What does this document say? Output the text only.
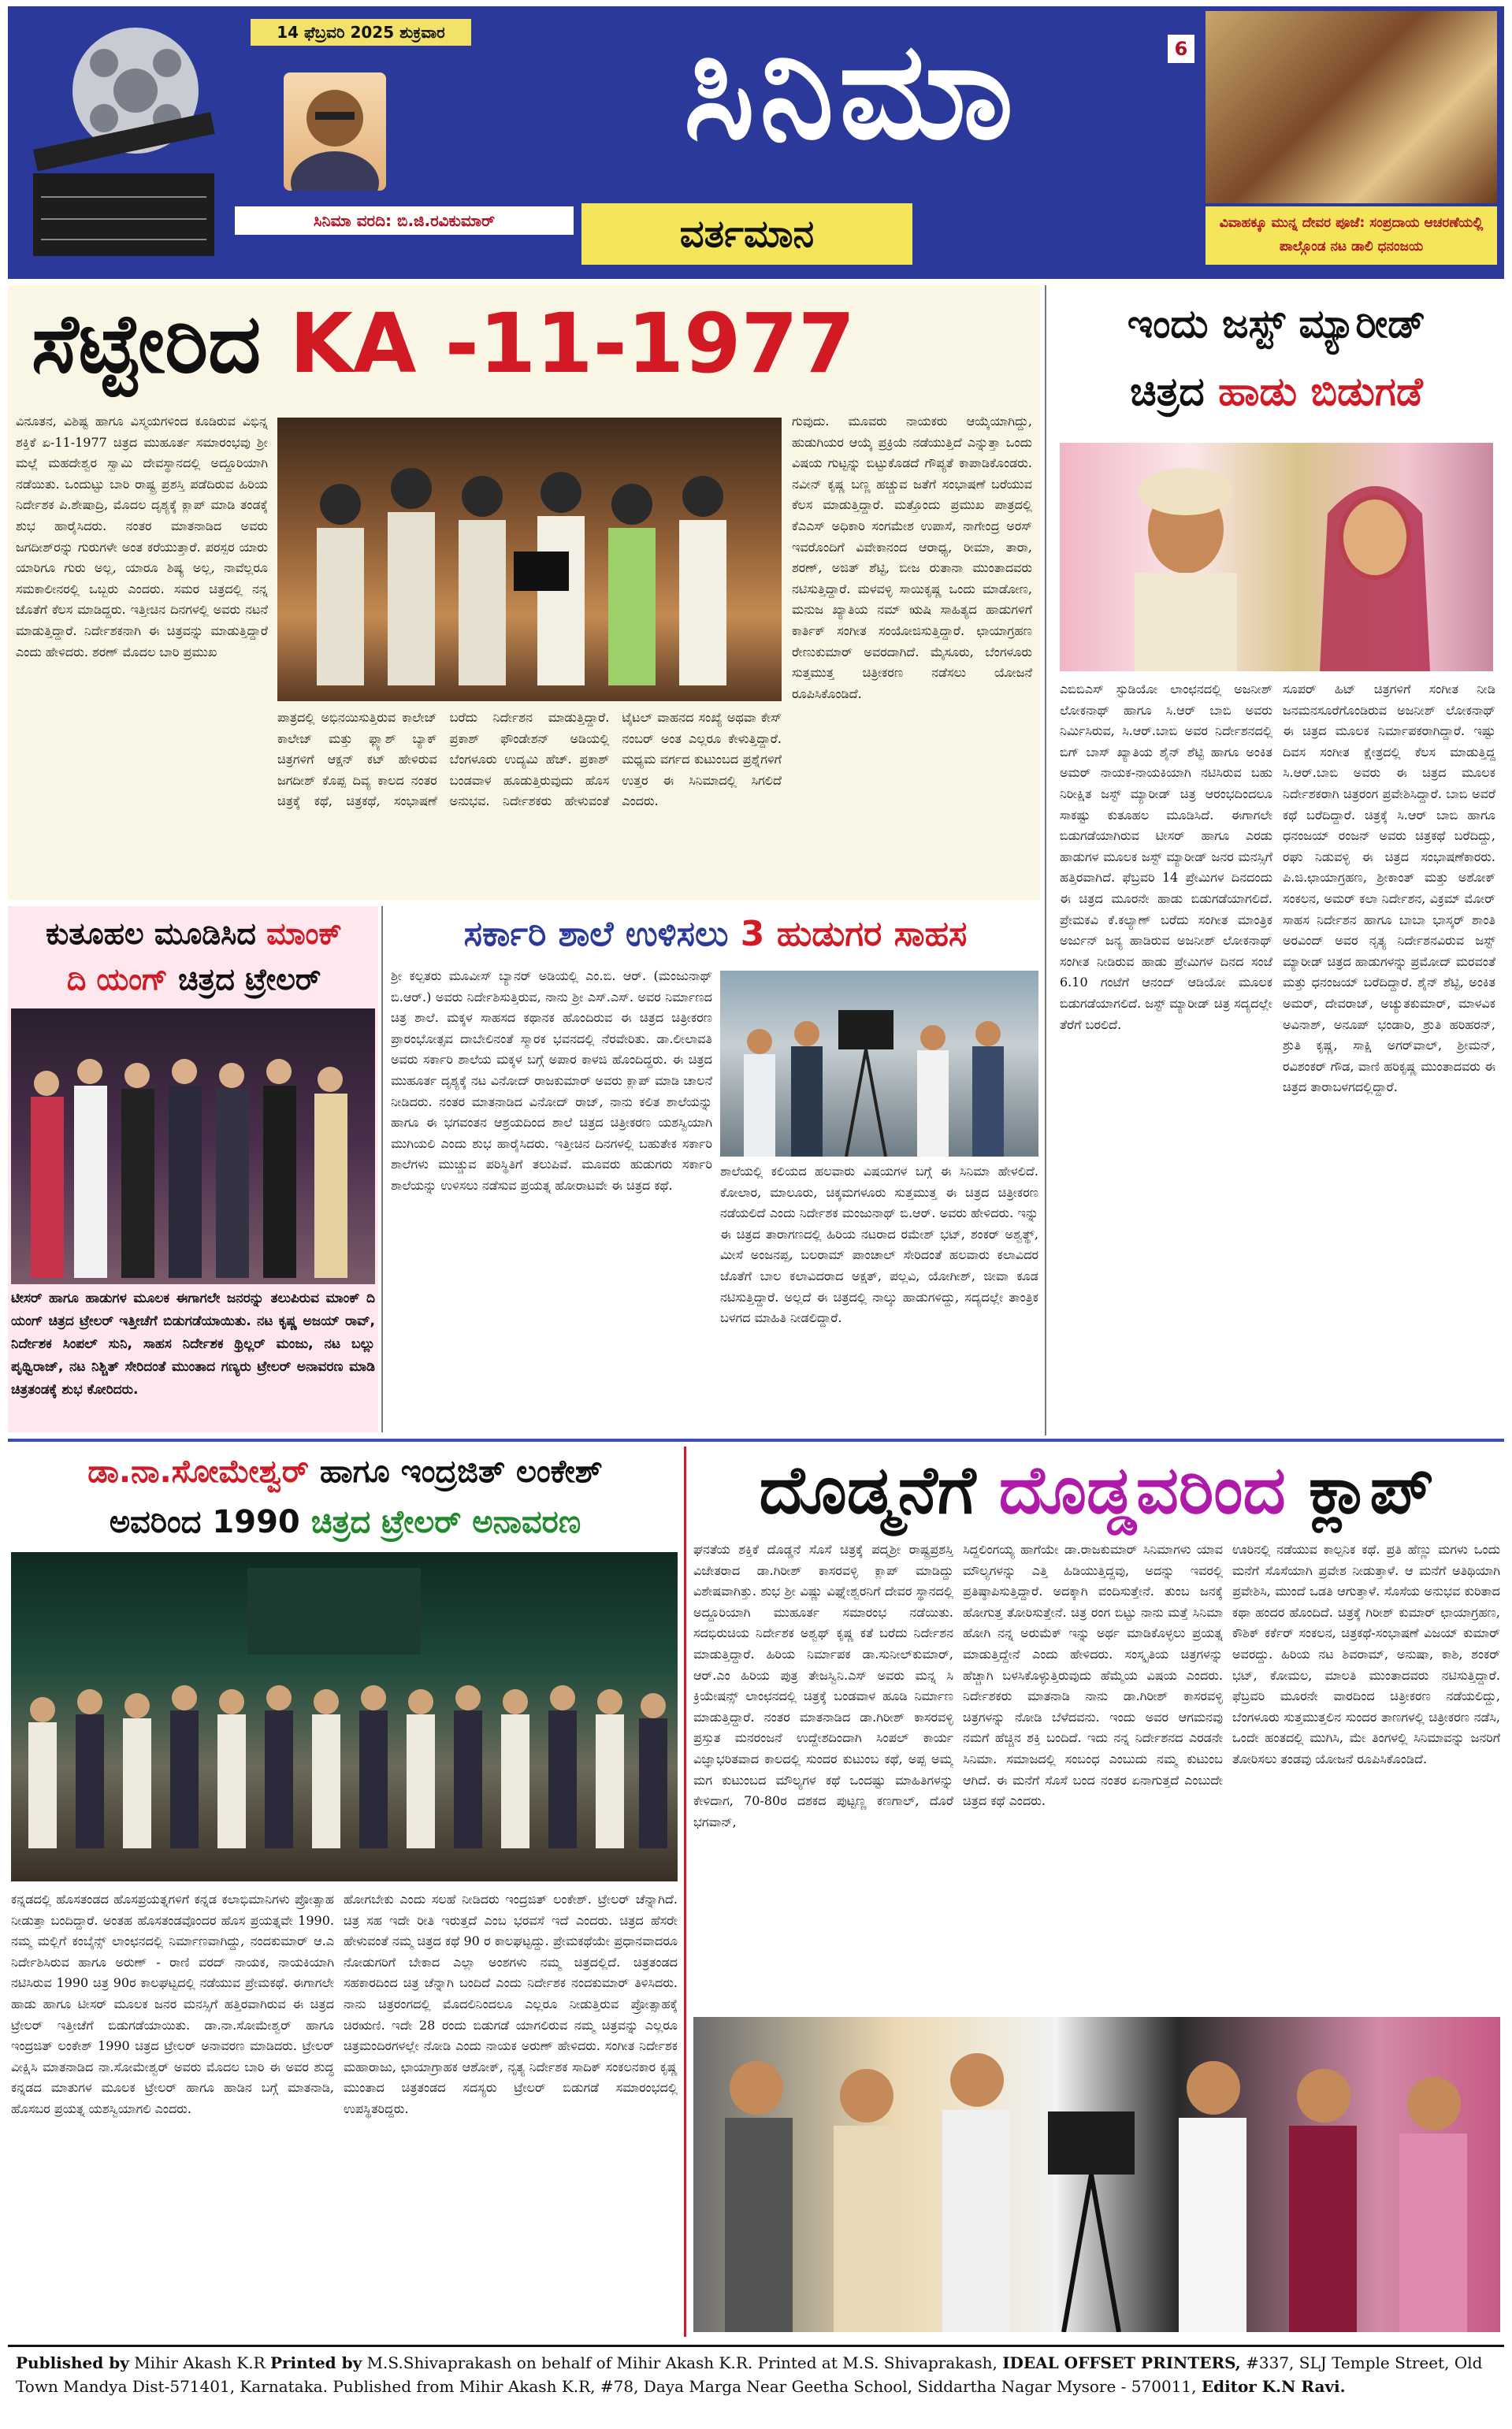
14 ಫೆಬ್ರವರಿ 2025 ಶುಕ್ರವಾರ
ಸಿನಿಮಾ ವರದಿ: ಬಿ.ಜಿ.ರವಿಕುಮಾರ್
ಸಿನಿಮಾ
ವರ್ತಮಾನ
6
ವಿವಾಹಕ್ಕೂ ಮುನ್ನ ದೇವರ ಪೂಜೆ: ಸಂಪ್ರದಾಯ ಆಚರಣೆಯಲ್ಲಿ ಪಾಲ್ಗೊಂಡ ನಟ ಡಾಲಿ ಧನಂಜಯ
ಸೆಟ್ಟೇರಿದ KA -11-1977
ವಿನೂತನ, ವಿಶಿಷ್ಟ ಹಾಗೂ ವಿಸ್ಮಯಗಳಿಂದ ಕೂಡಿರುವ ವಿಭಿನ್ನ ಶಕ್ತಿಕೆ ಏ-11-1977 ಚಿತ್ರದ ಮುಹೂರ್ತ ಸಮಾರಂಭವು ಶ್ರೀ ಮಲ್ಲೆ ಮಹದೇಶ್ವರ ಸ್ವಾಮಿ ದೇವಸ್ಥಾನದಲ್ಲಿ ಅದ್ದೂರಿಯಾಗಿ ನಡೆಯಿತು. ಒಂದುಟ್ಟು ಬಾರಿ ರಾಷ್ಟ್ರ ಪ್ರಶಸ್ತಿ ಪಡೆದಿರುವ ಹಿರಿಯ ನಿರ್ದೇಶಕ ಪಿ.ಶೇಷಾದ್ರಿ, ಮೊದಲ ದೃಶ್ಯಕ್ಕೆ ಕ್ಲಾಪ್ ಮಾಡಿ ತಂಡಕ್ಕೆ ಶುಭ ಹಾರೈಸಿದರು. ನಂತರ ಮಾತನಾಡಿದ ಅವರು ಜಗದೀಶ್‌ರನ್ನು ಗುರುಗಳೇ ಅಂತ ಕರೆಯುತ್ತಾರೆ. ಪರಸ್ಪರ ಯಾರು ಯಾರಿಗೂ ಗುರು ಅಲ್ಲ, ಯಾರೂ ಶಿಷ್ಯ ಅಲ್ಲ, ನಾವೆಲ್ಲರೂ ಸಮಕಾಲೀನರಲ್ಲಿ ಒಬ್ಬರು ಎಂದರು. ಸಮರ ಚಿತ್ರದಲ್ಲಿ ನನ್ನ ಜೊತೆಗೆ ಕೆಲಸ ಮಾಡಿದ್ದರು. ಇತ್ತೀಚಿನ ದಿನಗಳಲ್ಲಿ ಅವರು ನಟನೆ ಮಾಡುತ್ತಿದ್ದಾರೆ. ನಿರ್ದೇಶಕನಾಗಿ ಈ ಚಿತ್ರವನ್ನು ಮಾಡುತ್ತಿದ್ದಾರೆ ಎಂದು ಹೇಳಿದರು. ಶರಣ್ ಮೊದಲ ಬಾರಿ ಪ್ರಮುಖ
ಪಾತ್ರದಲ್ಲಿ ಅಭಿನಯಿಸುತ್ತಿರುವ ಕಾಲೇಜ್ ಕಾಲೇಜ್ ಮತ್ತು ಫ್ಲ್ಯಾಶ್ ಬ್ಯಾಕ್ ಚಿತ್ರಗಳಿಗೆ ಆಕ್ಷನ್ ಕಟ್ ಹೇಳಿರುವ ಜಗದೀಶ್ ಕೊಪ್ಪ ದಿವ್ಯ ಕಾಲದ ನಂತರ ಚಿತ್ರಕ್ಕೆ ಕಥೆ, ಚಿತ್ರಕಥೆ, ಸಂಭಾಷಣೆ ಬರೆದು ನಿರ್ದೇಶನ ಮಾಡುತ್ತಿದ್ದಾರೆ. ಪ್ರಕಾಶ್ ಫೌಂಡೇಶನ್ ಅಡಿಯಲ್ಲಿ ಬೆಂಗಳೂರು ಉದ್ಯಮಿ ಹೆಚ್. ಪ್ರಕಾಶ್ ಬಂಡವಾಳ ಹೂಡುತ್ತಿರುವುದು ಹೊಸ ಅನುಭವ. ನಿರ್ದೇಶಕರು ಹೇಳುವಂತೆ ಟೈಟಲ್ ವಾಹನದ ಸಂಖ್ಯೆ ಅಥವಾ ಕೇಸ್ ನಂಬರ್ ಅಂತ ಎಲ್ಲರೂ ಕೇಳುತ್ತಿದ್ದಾರೆ. ಮಧ್ಯಮ ವರ್ಗದ ಕುಟುಂಬದ ಪ್ರಶ್ನೆಗಳಿಗೆ ಉತ್ತರ ಈ ಸಿನಿಮಾದಲ್ಲಿ ಸಿಗಲಿದೆ ಎಂದರು.
ಗುವುದು. ಮೂವರು ನಾಯಕರು ಆಯ್ಕೆಯಾಗಿದ್ದು, ಹುಡುಗಿಯರ ಆಯ್ಕೆ ಪ್ರಕ್ರಿಯೆ ನಡೆಯುತ್ತಿದೆ ಎನ್ನುತ್ತಾ ಒಂದು ವಿಷಯ ಗುಟ್ಟನ್ನು ಬಿಟ್ಟುಕೊಡದೆ ಗೌಪ್ಯತೆ ಕಾಪಾಡಿಕೊಂಡರು. ನವೀನ್ ಕೃಷ್ಣ ಬಣ್ಣ ಹಚ್ಚುವ ಜತೆಗೆ ಸಂಭಾಷಣೆ ಬರೆಯುವ ಕೆಲಸ ಮಾಡುತ್ತಿದ್ದಾರೆ. ಮತ್ತೊಂದು ಪ್ರಮುಖ ಪಾತ್ರದಲ್ಲಿ ಕೆಎಎಸ್ ಅಧಿಕಾರಿ ಸಂಗಮೇಶ ಉಪಾಸೆ, ನಾಗೇಂದ್ರ ಅರಸ್ ಇವರೊಂದಿಗೆ ವಿವೇಕಾನಂದ ಆರಾಧ್ಯ, ರೀಮಾ, ತಾರಾ, ಶರಣ್, ಅಜಿತ್ ಶೆಟ್ಟಿ, ಬೀಜ ರುತಾನಾ ಮುಂತಾದವರು ನಟಿಸುತ್ತಿದ್ದಾರೆ. ಮಳವಳ್ಳಿ ಸಾಯಿಕೃಷ್ಣ ಒಂದು ಮಾಡೋಣ, ಮನುಜ ಖ್ಯಾತಿಯ ನಮ್ ಋಷಿ ಸಾಹಿತ್ಯದ ಹಾಡುಗಳಿಗೆ ಕಾರ್ತಿಕ್ ಸಂಗೀತ ಸಂಯೋಜಿಸುತ್ತಿದ್ದಾರೆ. ಛಾಯಾಗ್ರಹಣ ರೇಣುಕುಮಾರ್ ಅವರದಾಗಿದೆ. ಮೈಸೂರು, ಬೆಂಗಳೂರು ಸುತ್ತಮುತ್ತ ಚಿತ್ರೀಕರಣ ನಡೆಸಲು ಯೋಜನೆ ರೂಪಿಸಿಕೊಂಡಿದೆ.
ಇಂದು ಜಸ್ಟ್ ಮ್ಯಾರೀಡ್
ಚಿತ್ರದ ಹಾಡು ಬಿಡುಗಡೆ
ಎಬಿಬಿಎಸ್ ಸ್ಟುಡಿಯೋ ಲಾಂಛನದಲ್ಲಿ ಅಜನೀಶ್ ಲೋಕನಾಥ್ ಹಾಗೂ ಸಿ.ಆರ್ ಬಾಬಿ ಅವರು ನಿರ್ಮಿಸಿರುವ, ಸಿ.ಆರ್.ಬಾಬಿ ಅವರ ನಿರ್ದೇಶನದಲ್ಲಿ ಬಿಗ್ ಬಾಸ್ ಖ್ಯಾತಿಯ ಶೈನ್ ಶೆಟ್ಟಿ ಹಾಗೂ ಅಂಕಿತ ಅಮರ್ ನಾಯಕ-ನಾಯಕಿಯಾಗಿ ನಟಿಸಿರುವ ಬಹು ನಿರೀಕ್ಷಿತ ಜಸ್ಟ್ ಮ್ಯಾರೀಡ್ ಚಿತ್ರ ಆರಂಭದಿಂದಲೂ ಸಾಕಷ್ಟು ಕುತೂಹಲ ಮೂಡಿಸಿದೆ. ಈಗಾಗಲೇ ಬಿಡುಗಡೆಯಾಗಿರುವ ಟೀಸರ್ ಹಾಗೂ ಎರಡು ಹಾಡುಗಳ ಮೂಲಕ ಜಸ್ಟ್ ಮ್ಯಾರೀಡ್ ಜನರ ಮನಸ್ಸಿಗೆ ಹತ್ತಿರವಾಗಿದೆ. ಫೆಬ್ರವರಿ 14 ಪ್ರೇಮಿಗಳ ದಿನದಂದು ಈ ಚಿತ್ರದ ಮೂರನೇ ಹಾಡು ಬಿಡುಗಡೆಯಾಗಲಿದೆ. ಪ್ರೇಮಕವಿ ಕೆ.ಕಲ್ಯಾಣ್ ಬರೆದು ಸಂಗೀತ ಮಾಂತ್ರಿಕ ಅರ್ಜುನ್ ಜನ್ಯ ಹಾಡಿರುವ ಅಜನೀಶ್ ಲೋಕನಾಥ್ ಸಂಗೀತ ನೀಡಿರುವ ಹಾಡು ಪ್ರೇಮಿಗಳ ದಿನದ ಸಂಜೆ 6.10 ಗಂಟೆಗೆ ಆನಂದ್ ಆಡಿಯೋ ಮೂಲಕ ಬಿಡುಗಡೆಯಾಗಲಿದೆ. ಜಸ್ಟ್ ಮ್ಯಾರೀಡ್ ಚಿತ್ರ ಸದ್ಯದಲ್ಲೇ ತೆರೆಗೆ ಬರಲಿದೆ.
ಸೂಪರ್ ಹಿಟ್ ಚಿತ್ರಗಳಿಗೆ ಸಂಗೀತ ನೀಡಿ ಜನಮನಸೂರೆಗೊಂಡಿರುವ ಅಜನೀಶ್ ಲೋಕನಾಥ್ ಈ ಚಿತ್ರದ ಮೂಲಕ ನಿರ್ಮಾಪಕರಾಗಿದ್ದಾರೆ. ಇಷ್ಟು ದಿವಸ ಸಂಗೀತ ಕ್ಷೇತ್ರದಲ್ಲಿ ಕೆಲಸ ಮಾಡುತ್ತಿದ್ದ ಸಿ.ಆರ್.ಬಾಬಿ ಅವರು ಈ ಚಿತ್ರದ ಮೂಲಕ ನಿರ್ದೇಶಕರಾಗಿ ಚಿತ್ರರಂಗ ಪ್ರವೇಶಿಸಿದ್ದಾರೆ. ಬಾಬಿ ಅವರೆ ಕಥೆ ಬರೆದಿದ್ದಾರೆ. ಚಿತ್ರಕ್ಕೆ ಸಿ.ಆರ್ ಬಾಬಿ ಹಾಗೂ ಧನಂಜಯ್ ರಂಜನ್ ಅವರು ಚಿತ್ರಕಥೆ ಬರೆದಿದ್ದು, ರಘು ನಿಡುವಳ್ಳಿ ಈ ಚಿತ್ರದ ಸಂಭಾಷಣೆಕಾರರು. ಪಿ.ಜಿ.ಛಾಯಾಗ್ರಹಣ, ಶ್ರೀಕಾಂತ್ ಮತ್ತು ಅಶೋಕ್ ಸಂಕಲನ, ಅಮರ್ ಕಲಾ ನಿರ್ದೇಶನ, ವಿಕ್ರಮ್ ಮೋರ್ ಸಾಹಸ ನಿರ್ದೇಶನ ಹಾಗೂ ಬಾಬಾ ಭಾಸ್ಕರ್ ಶಾಂತಿ ಅರವಿಂದ್ ಅವರ ನೃತ್ಯ ನಿರ್ದೇಶನವಿರುವ ಜಸ್ಟ್ ಮ್ಯಾರೀಡ್ ಚಿತ್ರದ ಹಾಡುಗಳನ್ನು ಪ್ರಮೋದ್ ಮರವಂತೆ ಮತ್ತು ಧನಂಜಯ್ ಬರೆದಿದ್ದಾರೆ. ಶೈನ್ ಶೆಟ್ಟಿ, ಅಂಕಿತ ಅಮರ್, ದೇವರಾಜ್, ಅಚ್ಯುತಕುಮಾರ್, ಮಾಳವಿಕ ಅವಿನಾಶ್, ಅನೂಪ್ ಭಂಡಾರಿ, ಶ್ರುತಿ ಹರಿಹರನ್, ಶ್ರುತಿ ಕೃಷ್ಣ, ಸಾಕ್ಷಿ ಅಗರ್‌ವಾಲ್, ಶ್ರೀಮನ್, ರವಿಶಂಕರ್ ಗೌಡ, ವಾಣಿ ಹರಿಕೃಷ್ಣ ಮುಂತಾದವರು ಈ ಚಿತ್ರದ ತಾರಾಬಳಗದಲ್ಲಿದ್ದಾರೆ.
ಕುತೂಹಲ ಮೂಡಿಸಿದ ಮಾಂಕ್
ದಿ ಯಂಗ್ ಚಿತ್ರದ ಟ್ರೇಲರ್
ಟೀಸರ್ ಹಾಗೂ ಹಾಡುಗಳ ಮೂಲಕ ಈಗಾಗಲೇ ಜನರನ್ನು ತಲುಪಿರುವ ಮಾಂಕ್ ದಿ ಯಂಗ್ ಚಿತ್ರದ ಟ್ರೇಲರ್ ಇತ್ತೀಚೆಗೆ ಬಿಡುಗಡೆಯಾಯಿತು. ನಟ ಕೃಷ್ಣ ಅಜಯ್ ರಾವ್, ನಿರ್ದೇಶಕ ಸಿಂಪಲ್ ಸುನಿ, ಸಾಹಸ ನಿರ್ದೇಶಕ ಥ್ರಿಲ್ಲರ್ ಮಂಜು, ನಟ ಬಲ್ಲು ಪೃಥ್ವಿರಾಜ್, ನಟ ನಿಶ್ಚಿತ್ ಸೇರಿದಂತೆ ಮುಂತಾದ ಗಣ್ಯರು ಟ್ರೇಲರ್ ಅನಾವರಣ ಮಾಡಿ ಚಿತ್ರತಂಡಕ್ಕೆ ಶುಭ ಕೋರಿದರು.
ಸರ್ಕಾರಿ ಶಾಲೆ ಉಳಿಸಲು 3 ಹುಡುಗರ ಸಾಹಸ
ಶ್ರೀ ಕಲ್ಪತರು ಮೂವೀಸ್ ಬ್ಯಾನರ್ ಅಡಿಯಲ್ಲಿ ಎಂ.ಬಿ. ಆರ್. (ಮಂಜುನಾಥ್ ಬಿ.ಆರ್.) ಅವರು ನಿರ್ದೇಶಿಸುತ್ತಿರುವ, ನಾನು ಶ್ರೀ ಎಸ್.ಎಸ್. ಅವರ ನಿರ್ಮಾಣದ ಚಿತ್ರ ಶಾಲೆ. ಮಕ್ಕಳ ಸಾಹಸದ ಕಥಾನಕ ಹೊಂದಿರುವ ಈ ಚಿತ್ರದ ಚಿತ್ರೀಕರಣ ಪ್ರಾರಂಭೋತ್ಸವ ದಾಬೇಲಿನಂತೆ ಸ್ಮಾರಕ ಭವನದಲ್ಲಿ ನೆರವೇರಿತು. ಡಾ.ಲೀಲಾವತಿ ಅವರು ಸರ್ಕಾರಿ ಶಾಲೆಯ ಮಕ್ಕಳ ಬಗ್ಗೆ ಅಪಾರ ಕಾಳಜಿ ಹೊಂದಿದ್ದರು. ಈ ಚಿತ್ರದ ಮುಹೂರ್ತ ದೃಶ್ಯಕ್ಕೆ ನಟ ವಿನೋದ್ ರಾಜಕುಮಾರ್ ಅವರು ಕ್ಲಾಪ್ ಮಾಡಿ ಚಾಲನೆ ನೀಡಿದರು. ನಂತರ ಮಾತನಾಡಿದ ವಿನೋದ್ ರಾಜ್, ನಾನು ಕಲಿತ ಶಾಲೆಯನ್ನು ಹಾಗೂ ಈ ಭಗವಂತನ ಆಶ್ರಯದಿಂದ ಶಾಲೆ ಚಿತ್ರದ ಚಿತ್ರೀಕರಣ ಯಶಸ್ವಿಯಾಗಿ ಮುಗಿಯಲಿ ಎಂದು ಶುಭ ಹಾರೈಸಿದರು. ಇತ್ತೀಚಿನ ದಿನಗಳಲ್ಲಿ ಬಹುತೇಕ ಸರ್ಕಾರಿ ಶಾಲೆಗಳು ಮುಚ್ಚುವ ಪರಿಸ್ಥಿತಿಗೆ ತಲುಪಿವೆ. ಮೂವರು ಹುಡುಗರು ಸರ್ಕಾರಿ ಶಾಲೆಯನ್ನು ಉಳಿಸಲು ನಡೆಸುವ ಪ್ರಯತ್ನ ಹೋರಾಟವೇ ಈ ಚಿತ್ರದ ಕಥೆ.
ಶಾಲೆಯಲ್ಲಿ ಕಲಿಯದ ಹಲವಾರು ವಿಷಯಗಳ ಬಗ್ಗೆ ಈ ಸಿನಿಮಾ ಹೇಳಲಿದೆ. ಕೋಲಾರ, ಮಾಲೂರು, ಚಿಕ್ಕಮಗಳೂರು ಸುತ್ತಮುತ್ತ ಈ ಚಿತ್ರದ ಚಿತ್ರೀಕರಣ ನಡೆಯಲಿದೆ ಎಂದು ನಿರ್ದೇಶಕ ಮಂಜುನಾಥ್ ಬಿ.ಆರ್. ಅವರು ಹೇಳಿದರು. ಇನ್ನು ಈ ಚಿತ್ರದ ತಾರಾಗಣದಲ್ಲಿ ಹಿರಿಯ ನಟರಾದ ರಮೇಶ್ ಭಟ್, ಶಂಕರ್ ಅಶ್ವತ್ಥ್, ಮೀಸೆ ಅಂಜನಪ್ಪ, ಬಲರಾಮ್ ಪಾಂಚಾಲ್ ಸೇರಿದಂತೆ ಹಲವಾರು ಕಲಾವಿದರ ಜೊತೆಗೆ ಬಾಲ ಕಲಾವಿದರಾದ ಅಕ್ಷತ್, ಪಲ್ಲವಿ, ಯೋಗೀಶ್, ಜೀವಾ ಕೂಡ ನಟಿಸುತ್ತಿದ್ದಾರೆ. ಅಲ್ಲದೆ ಈ ಚಿತ್ರದಲ್ಲಿ ನಾಲ್ಕು ಹಾಡುಗಳಿದ್ದು, ಸದ್ಯದಲ್ಲೇ ತಾಂತ್ರಿಕ ಬಳಗದ ಮಾಹಿತಿ ನೀಡಲಿದ್ದಾರೆ.
ಡಾ.ನಾ.ಸೋಮೇಶ್ವರ್ ಹಾಗೂ ಇಂದ್ರಜಿತ್ ಲಂಕೇಶ್
ಅವರಿಂದ 1990 ಚಿತ್ರದ ಟ್ರೇಲರ್ ಅನಾವರಣ
ಕನ್ನಡದಲ್ಲಿ ಹೊಸತಂಡದ ಹೊಸಪ್ರಯತ್ನಗಳಿಗೆ ಕನ್ನಡ ಕಲಾಭಿಮಾನಿಗಳು ಪ್ರೋತ್ಸಾಹ ನೀಡುತ್ತಾ ಬಂದಿದ್ದಾರೆ. ಅಂತಹ ಹೊಸತಂಡವೊಂದರ ಹೊಸ ಪ್ರಯತ್ನವೇ 1990. ನಮ್ಮ ಮಲ್ಲಿಗೆ ಕಂಬೈನ್ಸ್ ಲಾಂಛನದಲ್ಲಿ ನಿರ್ಮಾಣವಾಗಿದ್ದು, ನಂದಕುಮಾರ್ ಆ.ಎ ನಿರ್ದೇಶಿಸಿರುವ ಹಾಗೂ ಅರುಣ್ - ರಾಣಿ ವರದ್ ನಾಯಕ, ನಾಯಕಿಯಾಗಿ ನಟಿಸಿರುವ 1990 ಚಿತ್ರ 90ರ ಕಾಲಘಟ್ಟದಲ್ಲಿ ನಡೆಯುವ ಪ್ರೇಮಕಥೆ. ಈಗಾಗಲೇ ಹಾಡು ಹಾಗೂ ಟೀಸರ್ ಮೂಲಕ ಜನರ ಮನಸ್ಸಿಗೆ ಹತ್ತಿರವಾಗಿರುವ ಈ ಚಿತ್ರದ ಟ್ರೇಲರ್ ಇತ್ತೀಚೆಗೆ ಬಿಡುಗಡೆಯಾಯಿತು. ಡಾ.ನಾ.ಸೋಮೇಶ್ವರ್ ಹಾಗೂ ಇಂದ್ರಜಿತ್ ಲಂಕೇಶ್ 1990 ಚಿತ್ರದ ಟ್ರೇಲರ್ ಅನಾವರಣ ಮಾಡಿದರು. ಟ್ರೇಲರ್ ವೀಕ್ಷಿಸಿ ಮಾತನಾಡಿದ ನಾ.ಸೋಮೇಶ್ವರ್ ಅವರು ಮೊದಲ ಬಾರಿ ಈ ಅವರ ಶುದ್ಧ ಕನ್ನಡದ ಮಾತುಗಳ ಮೂಲಕ ಟ್ರೇಲರ್ ಹಾಗೂ ಹಾಡಿನ ಬಗ್ಗೆ ಮಾತನಾಡಿ, ಹೊಸಬರ ಪ್ರಯತ್ನ ಯಶಸ್ವಿಯಾಗಲಿ ಎಂದರು.
ಹೋಗಬೇಕು ಎಂದು ಸಲಹೆ ನೀಡಿದರು ಇಂದ್ರಜಿತ್ ಲಂಕೇಶ್. ಟ್ರೇಲರ್ ಚೆನ್ನಾಗಿದೆ. ಚಿತ್ರ ಸಹ ಇದೇ ರೀತಿ ಇರುತ್ತದೆ ಎಂಬ ಭರವಸೆ ಇದೆ ಎಂದರು. ಚಿತ್ರದ ಹೆಸರೇ ಹೇಳುವಂತೆ ನಮ್ಮ ಚಿತ್ರದ ಕಥೆ 90 ರ ಕಾಲಘಟ್ಟದ್ದು. ಪ್ರೇಮಕಥೆಯೇ ಪ್ರಧಾನವಾದರೂ ನೋಡುಗರಿಗೆ ಬೇಕಾದ ಎಲ್ಲಾ ಅಂಶಗಳು ನಮ್ಮ ಚಿತ್ರದಲ್ಲಿದೆ. ಚಿತ್ರತಂಡದ ಸಹಕಾರದಿಂದ ಚಿತ್ರ ಚೆನ್ನಾಗಿ ಬಂದಿದೆ ಎಂದು ನಿರ್ದೇಶಕ ನಂದಕುಮಾರ್ ತಿಳಿಸಿದರು. ನಾನು ಚಿತ್ರರಂಗದಲ್ಲಿ ಮೊದಲಿನಿಂದಲೂ ಎಲ್ಲರೂ ನೀಡುತ್ತಿರುವ ಪ್ರೋತ್ಸಾಹಕ್ಕೆ ಚಿರಋಣಿ. ಇದೇ 28 ರಂದು ಬಿಡುಗಡೆ ಯಾಗಲಿರುವ ನಮ್ಮ ಚಿತ್ರವನ್ನು ಎಲ್ಲರೂ ಚಿತ್ರಮಂದಿರಗಳಲ್ಲೇ ನೋಡಿ ಎಂದು ನಾಯಕ ಅರುಣ್ ಹೇಳಿದರು. ಸಂಗೀತ ನಿರ್ದೇಶಕ ಮಹಾರಾಜು, ಛಾಯಾಗ್ರಾಹಕ ಆಶೋಕ್, ನೃತ್ಯ ನಿರ್ದೇಶಕ ಸಾದಿಕ್ ಸಂಕಲನಕಾರ ಕೃಷ್ಣ ಮುಂತಾದ ಚಿತ್ರತಂಡದ ಸದಸ್ಯರು ಟ್ರೇಲರ್ ಬಿಡುಗಡೆ ಸಮಾರಂಭದಲ್ಲಿ ಉಪಸ್ಥಿತರಿದ್ದರು.
ದೊಡ್ಮನೆಗೆ ದೊಡ್ಡವರಿಂದ ಕ್ಲಾಪ್
ಘನತೆಯ ಶಕ್ತಿಕೆ ದೊಡ್ಡನೆ ಸೊಸೆ ಚಿತ್ರಕ್ಕೆ ಪದ್ಮಶ್ರೀ ರಾಷ್ಟ್ರಪ್ರಶಸ್ತಿ ವಿಜೇತರಾದ ಡಾ.ಗಿರೀಶ್ ಕಾಸರವಳ್ಳಿ ಕ್ಲಾಪ್ ಮಾಡಿದ್ದು ವಿಶೇಷವಾಗಿತ್ತು. ಶುಭ ಶ್ರೀ ವಿಷ್ಣು ವಿಘ್ನೇಶ್ವರನಿಗೆ ದೇವರ ಸ್ಥಾನದಲ್ಲಿ ಅದ್ದೂರಿಯಾಗಿ ಮುಹೂರ್ತ ಸಮಾರಂಭ ನಡೆಯಿತು. ಸದಭಿರುಚಿಯ ನಿರ್ದೇಶಕ ಅಶ್ವಥ್ ಕೃಷ್ಣ ಕತೆ ಬರೆದು ನಿರ್ದೇಶನ ಮಾಡುತ್ತಿದ್ದಾರೆ. ಹಿರಿಯ ನಿರ್ಮಾಪಕ ಡಾ.ಸುನೀಲ್‌ಕುಮಾರ್, ಆರ್.ಎಂ ಹಿರಿಯ ಪುತ್ರ ತೇಜಸ್ವಿನಿ.ಎಸ್ ಅವರು ಮನ್ನ ಸಿ ಕ್ರಿಯೇಷನ್ಸ್ ಲಾಂಛನದಲ್ಲಿ ಚಿತ್ರಕ್ಕೆ ಬಂಡವಾಳ ಹೂಡಿ ನಿರ್ಮಾಣ ಮಾಡುತ್ತಿದ್ದಾರೆ. ನಂತರ ಮಾತನಾಡಿದ ಡಾ.ಗಿರೀಶ್ ಕಾಸರವಳ್ಳಿ ಪ್ರಸ್ತುತ ಮನರಂಜನೆ ಉದ್ದೇಶದಿಂದಾಗಿ ಸಿಂಪಲ್ ಕಾರ್ಯ ವಿಜ್ಞಾಭರಿತವಾದ ಕಾಲದಲ್ಲಿ ಸುಂದರ ಕುಟುಂಬ ಕಥೆ, ಅಪ್ಪ ಅಮ್ಮ ಮಗ ಕುಟುಂಬದ ಮೌಲ್ಯಗಳ ಕಥೆ ಒಂದಷ್ಟು ಮಾಹಿತಿಗಳನ್ನು ಕೇಳಿದಾಗ, 70-80ರ ದಶಕದ ಪುಟ್ಟಣ್ಣ ಕಣಗಾಲ್, ದೊರೆ ಭಗವಾನ್,
ಸಿದ್ದಲಿಂಗಯ್ಯ ಹಾಗೆಯೇ ಡಾ.ರಾಜಕುಮಾರ್ ಸಿನಿಮಾಗಳು ಯಾವ ಮೌಲ್ಯಗಳನ್ನು ಎತ್ತಿ ಹಿಡಿಯುತ್ತಿದ್ದವು, ಅದನ್ನು ಇವರಲ್ಲಿ ಪ್ರತಿಷ್ಠಾಪಿಸುತ್ತಿದ್ದಾರೆ. ಅದಕ್ಕಾಗಿ ವಂದಿಸುತ್ತೇನೆ. ತುಂಬ ಜನಕ್ಕೆ ಹೋಗುತ್ತ ತೋರಿಸುತ್ತೇನೆ. ಚಿತ್ರ ರಂಗ ಬಿಟ್ಟು ನಾನು ಮತ್ತೆ ಸಿನಿಮಾ ಹೋಗಿ ನನ್ನ ಅರುಮೆಕ್ ಇನ್ನು ಅರ್ಥ ಮಾಡಿಕೊಳ್ಳಲು ಪ್ರಯತ್ನ ಮಾಡುತ್ತಿದ್ದೇನೆ ಎಂದು ಹೇಳಿದರು. ಸಂಸ್ಕೃತಿಯ ಚಿತ್ರಗಳನ್ನು ಹೆಚ್ಚಾಗಿ ಬಳಸಿಕೊಳ್ಳುತ್ತಿರುವುದು ಹೆಮ್ಮೆಯ ವಿಷಯ ಎಂದರು. ನಿರ್ದೇಶಕರು ಮಾತನಾಡಿ ನಾನು ಡಾ.ಗಿರೀಶ್ ಕಾಸರವಳ್ಳಿ ಚಿತ್ರಗಳನ್ನು ನೋಡಿ ಬೆಳೆದವನು. ಇಂದು ಅವರ ಆಗಮನವು ನಮಗೆ ಹೆಚ್ಚಿನ ಶಕ್ತಿ ಬಂದಿದೆ. ಇದು ನನ್ನ ನಿರ್ದೇಶನದ ಎರಡನೇ ಸಿನಿಮಾ. ಸಮಾಜದಲ್ಲಿ ಸಂಬಂಧ ಎಂಬುದು ನಮ್ಮ ಕುಟುಂಬ ಆಗಿದೆ. ಈ ಮನೆಗೆ ಸೊಸೆ ಬಂದ ನಂತರ ಏನಾಗುತ್ತದೆ ಎಂಬುದೇ ಚಿತ್ರದ ಕಥೆ ಎಂದರು.
ಊರಿನಲ್ಲಿ ನಡೆಯುವ ಕಾಲ್ಪನಿಕ ಕಥೆ. ಪ್ರತಿ ಹೆಣ್ಣು ಮಗಳು ಒಂದು ಮನೆಗೆ ಸೊಸೆಯಾಗಿ ಪ್ರವೇಶ ನೀಡುತ್ತಾಳೆ. ಆ ಮನೆಗೆ ಅತಿಥಿಯಾಗಿ ಪ್ರವೇಶಿಸಿ, ಮುಂದೆ ಒಡತಿ ಆಗುತ್ತಾಳೆ. ಸೊಸೆಯ ಅನುಭವ ಕುರಿತಾದ ಕಥಾ ಹಂದರ ಹೊಂದಿದೆ. ಚಿತ್ರಕ್ಕೆ ಗಿರೀಶ್ ಕುಮಾರ್ ಛಾಯಾಗ್ರಹಣ, ಕೌಶಿಕ್ ಕರ್ಕೆರ್ ಸಂಕಲನ, ಚಿತ್ರಕಥೆ-ಸಂಭಾಷಣೆ ವಿಜಯ್ ಕುಮಾರ್ ಅವರದ್ದು. ಹಿರಿಯ ನಟ ಶಿವರಾಮ್, ಅನುಷಾ, ಕಾಶಿ, ಶಂಕರ್ ಭಟ್, ಕೋಮಲ, ಮಾಲತಿ ಮುಂತಾದವರು ನಟಿಸುತ್ತಿದ್ದಾರೆ. ಫೆಬ್ರವರಿ ಮೂರನೇ ವಾರದಿಂದ ಚಿತ್ರೀಕರಣ ನಡೆಯಲಿದ್ದು, ಬೆಂಗಳೂರು ಸುತ್ತಮುತ್ತಲಿನ ಸುಂದರ ತಾಣಗಳಲ್ಲಿ ಚಿತ್ರೀಕರಣ ನಡೆಸಿ, ಒಂದೇ ಹಂತದಲ್ಲಿ ಮುಗಿಸಿ, ಮೇ ತಿಂಗಳಲ್ಲಿ ಸಿನಿಮಾವನ್ನು ಜನರಿಗೆ ತೋರಿಸಲು ತಂಡವು ಯೋಜನೆ ರೂಪಿಸಿಕೊಂಡಿದೆ.
Published by Mihir Akash K.R Printed by M.S.Shivaprakash on behalf of Mihir Akash K.R. Printed at M.S. Shivaprakash, IDEAL OFFSET PRINTERS, #337, SLJ Temple Street, Old Town Mandya Dist-571401, Karnataka. Published from Mihir Akash K.R, #78, Daya Marga Near Geetha School, Siddartha Nagar Mysore - 570011, Editor K.N Ravi.
